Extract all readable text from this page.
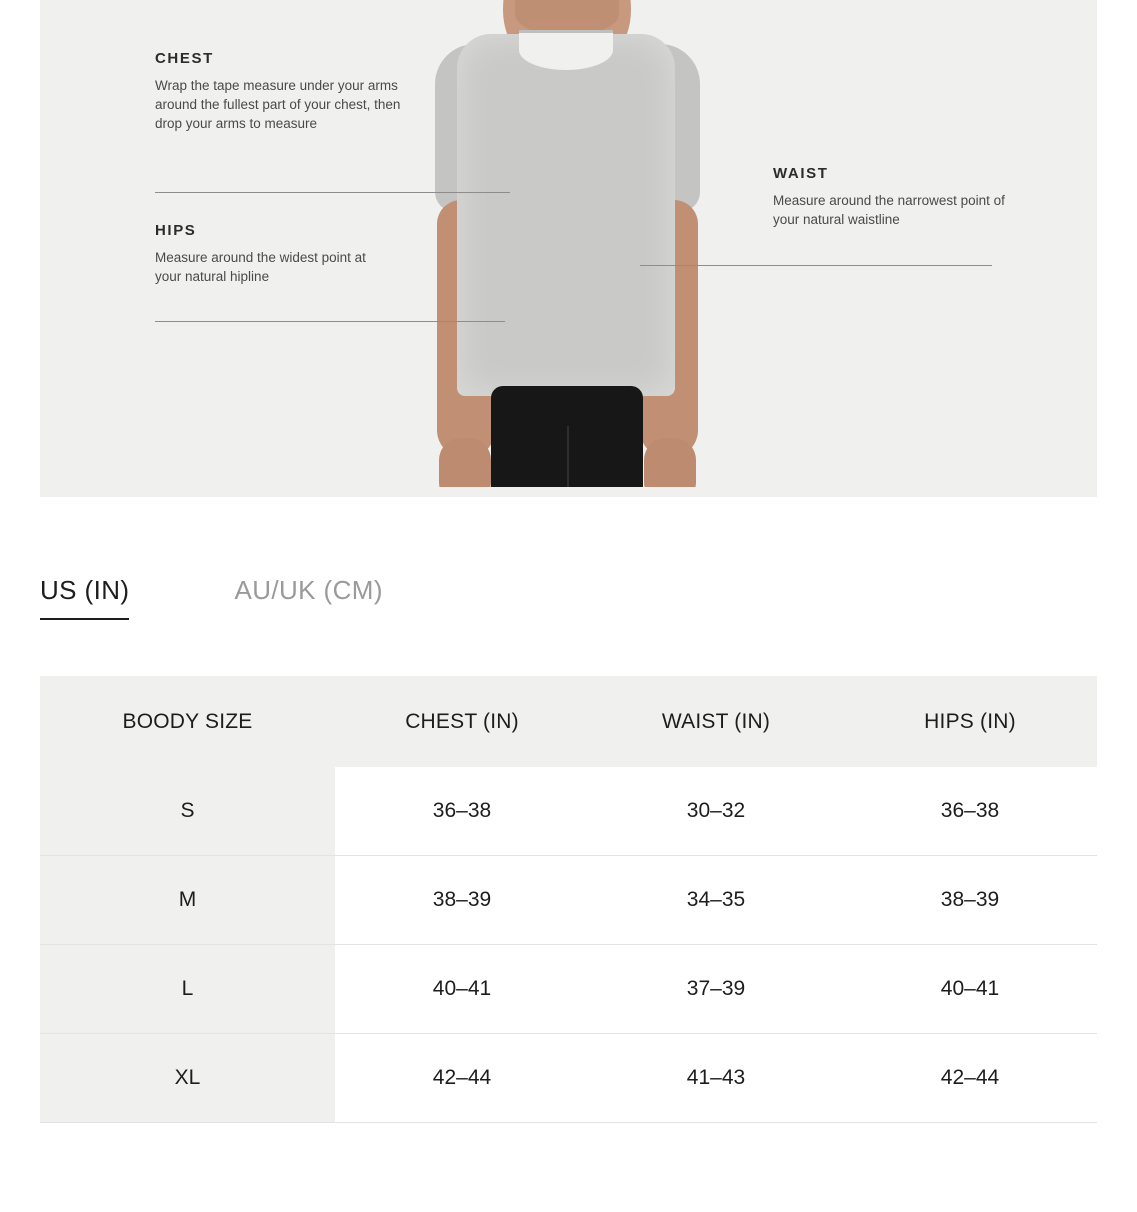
CHEST

Wrap the tape measure under your arms around the fullest part of your chest, then drop your arms to measure

HIPS

Measure around the widest point at your natural hipline

WAIST

Measure around the narrowest point of your natural waistline

US (IN)	AU/UK (CM)
BOODY SIZE	CHEST (IN)	WAIST (IN)	HIPS (IN)
S	36–38	30–32	36–38
M	38–39	34–35	38–39
L	40–41	37–39	40–41
XL	42–44	41–43	42–44
